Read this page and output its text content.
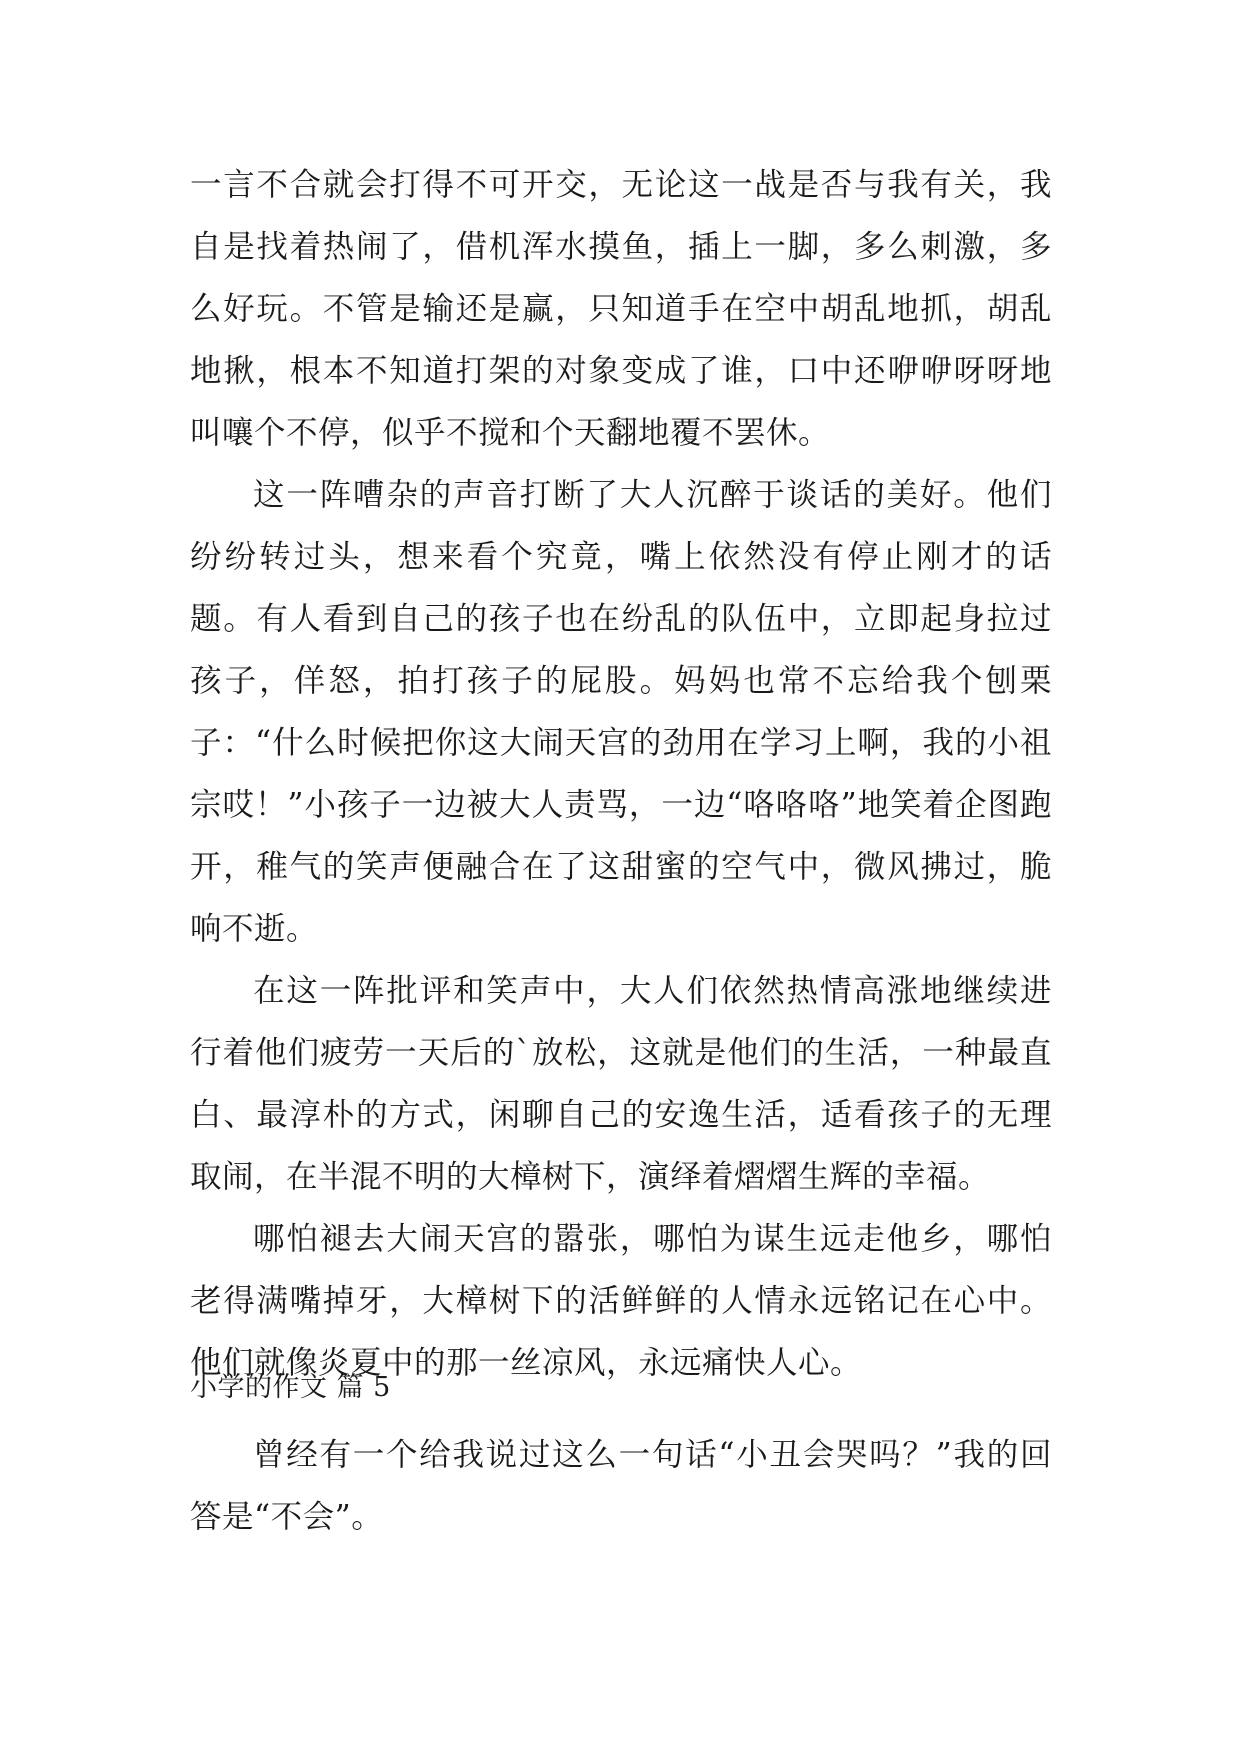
一言不合就会打得不可开交，无论这一战是否与我有关，我自是找着热闹了，借机浑水摸鱼，插上一脚，多么刺激，多么好玩。不管是输还是赢，只知道手在空中胡乱地抓，胡乱地揪，根本不知道打架的对象变成了谁，口中还咿咿呀呀地叫嚷个不停，似乎不搅和个天翻地覆不罢休。

这一阵嘈杂的声音打断了大人沉醉于谈话的美好。他们纷纷转过头，想来看个究竟，嘴上依然没有停止刚才的话题。有人看到自己的孩子也在纷乱的队伍中，立即起身拉过孩子，佯怒，拍打孩子的屁股。妈妈也常不忘给我个刨栗子：“什么时候把你这大闹天宫的劲用在学习上啊，我的小祖宗哎！”小孩子一边被大人责骂，一边“咯咯咯”地笑着企图跑开，稚气的笑声便融合在了这甜蜜的空气中，微风拂过，脆响不逝。

在这一阵批评和笑声中，大人们依然热情高涨地继续进行着他们疲劳一天后的`放松，这就是他们的生活，一种最直白、最淳朴的方式，闲聊自己的安逸生活，适看孩子的无理取闹，在半混不明的大樟树下，演绎着熠熠生辉的幸福。

哪怕褪去大闹天宫的嚣张，哪怕为谋生远走他乡，哪怕老得满嘴掉牙，大樟树下的活鲜鲜的人情永远铭记在心中。他们就像炎夏中的那一丝凉风，永远痛快人心。

小学的作文 篇 5

曾经有一个给我说过这么一句话“小丑会哭吗？”我的回答是“不会”。
